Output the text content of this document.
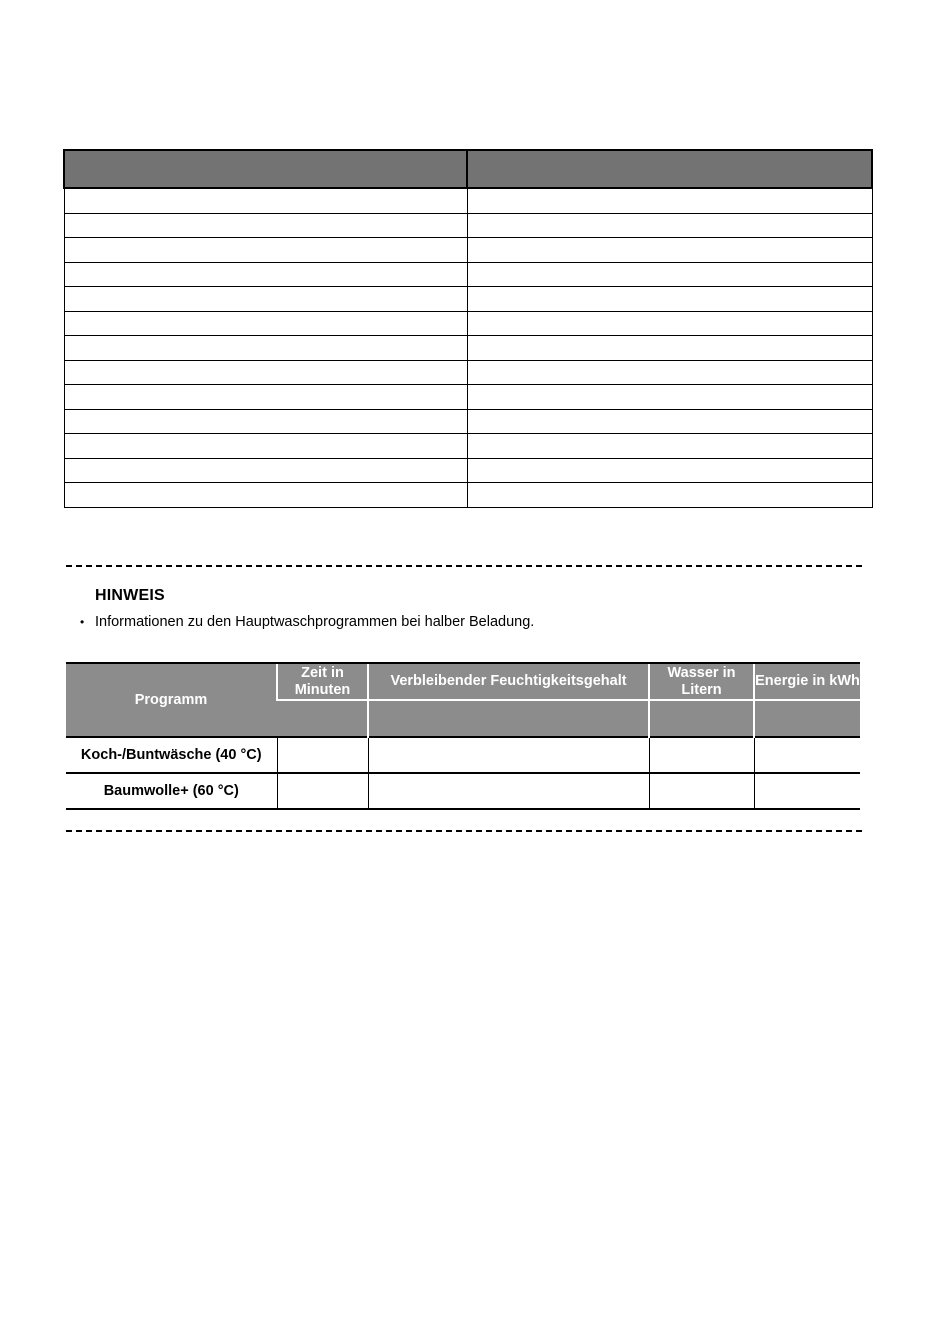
HINWEIS
• Informationen zu den Hauptwaschprogrammen bei halber Beladung.
Programm	Zeit in Minuten	Verbleibender Feuchtigkeitsgehalt	Wasser in Litern	Energie in kWh

Koch-/Buntwäsche (40 °C)				
Baumwolle+ (60 °C)				
